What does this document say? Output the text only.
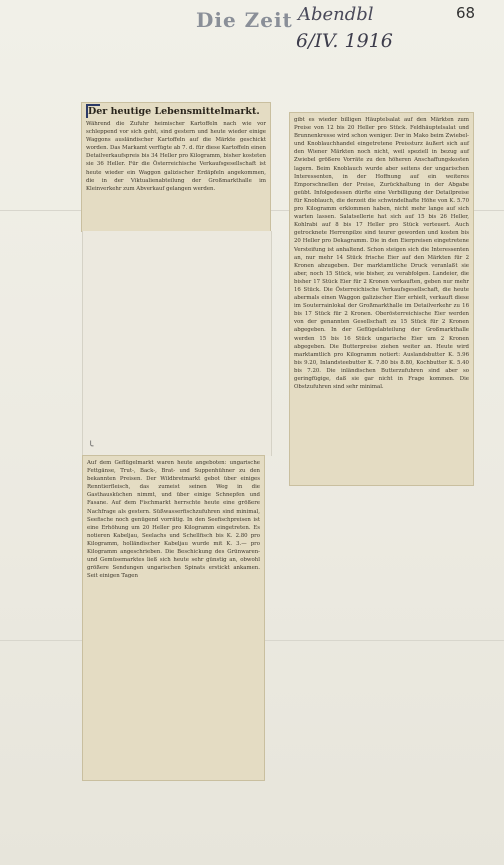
Die Zeit Abendbl
6/IV. 1916
68
Der heutige Lebensmittelmarkt.
Während die Zufuhr heimischer Kartoffeln nach wie vor schleppend vor sich geht, sind gestern und heute wieder einige Waggons ausländischer Kartoffeln auf die Märkte geschickt worden. Das Markamt verfügte ab 7. d. für diese Kartoffeln einen Detailverkaufspreis bis 34 Heller pro Kilogramm, bisher kosteten sie 36 Heller. Für die Österreichische Verkaufsgesellschaft ist heute wieder ein Waggon galizischer Erdäpfeln angekommen, die in der Viktualienabteilung der Großmarkthalle im Kleinverkehr zum Abverkauf gelangen werden.
gibt es wieder billigen Häuptelsalat auf den Märkten zum Preise von 12 bis 20 Heller pro Stück. Feldhäuptelsalat und Brunnenkresse wird schon weniger. Der in Mako beim Zwiebel- und Knoblauchhandel eingetretene Preissturz äußert sich auf den Wiener Märkten noch nicht, weil speziell in bezug auf Zwiebel größere Vorräte zu den höheren Anschaffungskosten lagern. Beim Knoblauch wurde aber seitens der ungarischen Interessenten, in der Hoffnung auf ein weiteres Emporschnellen der Preise, Zurückhaltung in der Abgabe geübt. Infolgedessen dürfte eine Verbilligung der Detailpreise für Knoblauch, die derzeit die schwindelhafte Höhe von K. 5.70 pro Kilogramm erklommen haben, nicht mehr lange auf sich warten lassen. Salatsellerie hat sich auf 15 bis 26 Heller, Kohlrabi auf 8 bis 17 Heller pro Stück verteuert. Auch getrocknete Herrenpilze sind teurer geworden und kosten bis 20 Heller pro Dekagramm. Die in den Eierpreisen eingetretene Versteifung ist anhaltend. Schon steigen sich die Interessenten an, nur mehr 14 Stück frische Eier auf den Märkten für 2 Kronen abzugeben. Der marktamtliche Druck veranlaßt sie aber, noch 15 Stück, wie bisher, zu verabfolgen. Landeier, die bisher 17 Stück Eier für 2 Kronen verkauften, geben nur mehr 16 Stück. Die Österreichische Verkaufsgesellschaft, die heute abermals einen Waggon galizischer Eier erhielt, verkauft diese im Souterrainlokal der Großmarkthalle im Detailverkehr zu 16 bis 17 Stück für 2 Kronen. Oberösterreichische Eier werden von der genannten Gesellschaft zu 15 Stück für 2 Kronen abgegeben. In der Geflügelabteilung der Großmarkthalle werden 15 bis 16 Stück ungarische Eier um 2 Kronen abgegeben. Die Butterpreise ziehen weiter an. Heute wird marktamtlich pro Kilogramm notiert: Auslandsbutter K. 5.96 bis 9.20, Inlandsteebutter K. 7.80 bis 8.80, Kochbutter K. 5.40 bis 7.20. Die inländischen Butterzufuhren sind aber so geringfügige, daß sie gar nicht in Frage kommen. Die Obstzufuhren sind sehr minimal.
Auf dem Geflügelmarkt waren heute angeboten: ungarische Fettgänse, Trut-, Back-, Brat- und Suppenhühner zu den bekannten Preisen. Der Wildbretmarkt gebot über einiges Renntierfleisch, das zumeist seinen Weg in die Gasthausküchen nimmt, und über einige Schnepfen und Fasane. Auf dem Fischmarkt herrschte heute eine größere Nachfrage als gestern. Süßwasserfischzufuhren sind minimal, Seefische noch genügend vorrätig. In den Seefischpreisen ist eine Erhöhung um 20 Heller pro Kilogramm eingetreten. Es notieren Kabeljau, Seelachs und Schellfisch bis K. 2.80 pro Kilogramm, holländischer Kabeljau wurde mit K. 3.— pro Kilogramm angeschrieben. Die Beschickung des Grünwaren- und Gemüsemarktes ließ sich heute sehr günstig an, obwohl größere Sendungen ungarischen Spinats erstickt ankamen. Seit einigen Tagen
╰
